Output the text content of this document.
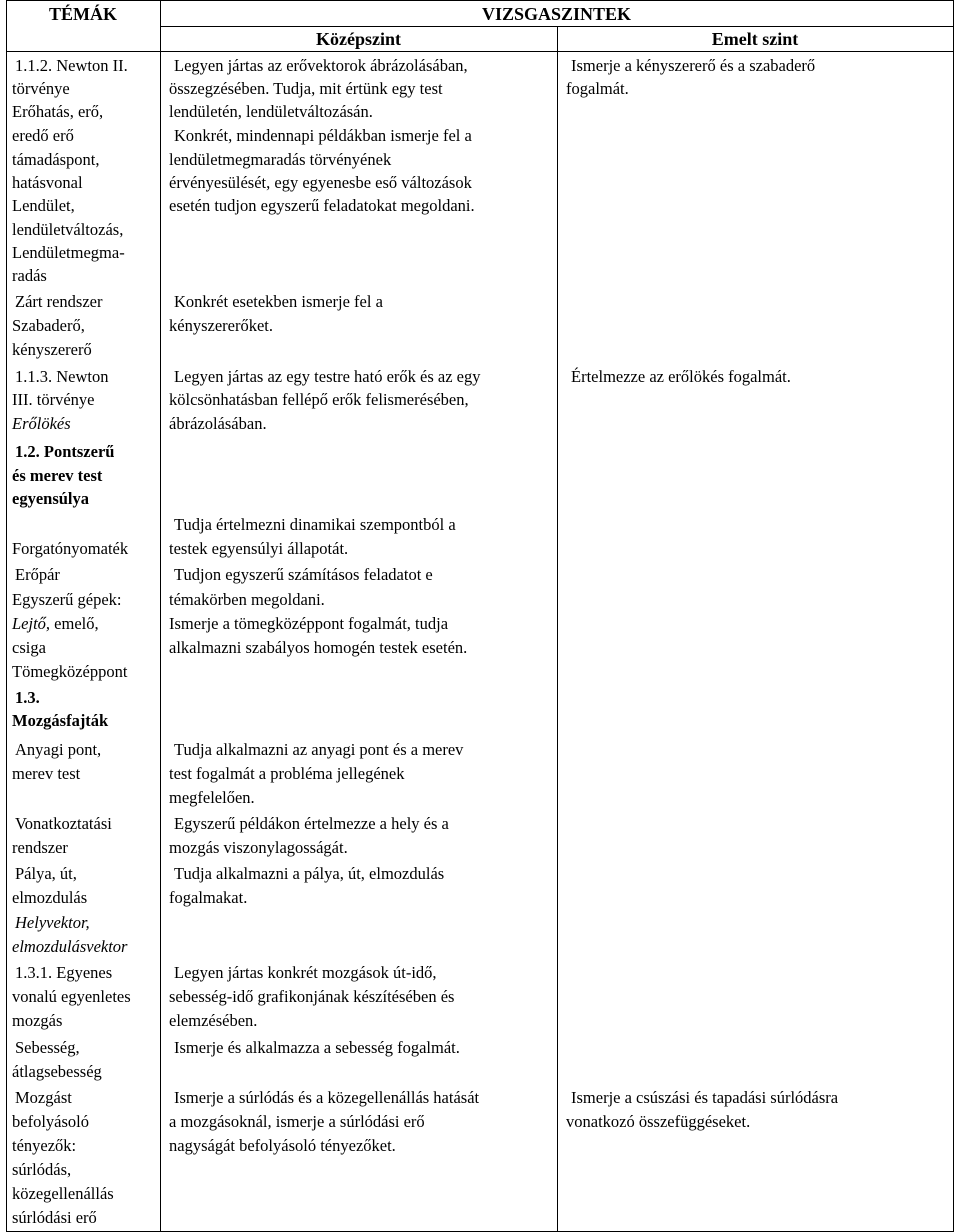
TÉMÁK	VIZSGASZINTEK
Középszint	Emelt szint
1.1.2. Newton II.
törvénye
Erőhatás, erő,
eredő erő
támadáspont,
hatásvonal
Lendület,
lendületváltozás,
Lendületmegma-
radás
Zárt rendszer
Szabaderő,
kényszererő
1.1.3. Newton
III. törvénye
Erőlökés
1.2. Pontszerű
és merev test
egyensúlya
Forgatónyomaték
Erőpár
Egyszerű gépek:
Lejtő, emelő,
csiga
Tömegközéppont
1.3.
Mozgásfajták
Anyagi pont,
merev test
Vonatkoztatási
rendszer
Pálya, út,
elmozdulás
Helyvektor,
elmozdulásvektor
1.3.1. Egyenes
vonalú egyenletes
mozgás
Sebesség,
átlagsebesség
Mozgást
befolyásoló
tényezők:
súrlódás,
közegellenállás
súrlódási erő
Legyen jártas az erővektorok ábrázolásában,
összegzésében. Tudja, mit értünk egy test
lendületén, lendületváltozásán.
Konkrét, mindennapi példákban ismerje fel a
lendületmegmaradás törvényének
érvényesülését, egy egyenesbe eső változások
esetén tudjon egyszerű feladatokat megoldani.
Konkrét esetekben ismerje fel a
kényszererőket.
Legyen jártas az egy testre ható erők és az egy
kölcsönhatásban fellépő erők felismerésében,
ábrázolásában.
Tudja értelmezni dinamikai szempontból a
testek egyensúlyi állapotát.
Tudjon egyszerű számításos feladatot e
témakörben megoldani.
Ismerje a tömegközéppont fogalmát, tudja
alkalmazni szabályos homogén testek esetén.
Tudja alkalmazni az anyagi pont és a merev
test fogalmát a probléma jellegének
megfelelően.
Egyszerű példákon értelmezze a hely és a
mozgás viszonylagosságát.
Tudja alkalmazni a pálya, út, elmozdulás
fogalmakat.
Legyen jártas konkrét mozgások út-idő,
sebesség-idő grafikonjának készítésében és
elemzésében.
Ismerje és alkalmazza a sebesség fogalmát.
Ismerje a súrlódás és a közegellenállás hatását
a mozgásoknál, ismerje a súrlódási erő
nagyságát befolyásoló tényezőket.
Ismerje a kényszererő és a szabaderő
fogalmát.
Értelmezze az erőlökés fogalmát.
Ismerje a csúszási és tapadási súrlódásra
vonatkozó összefüggéseket.
